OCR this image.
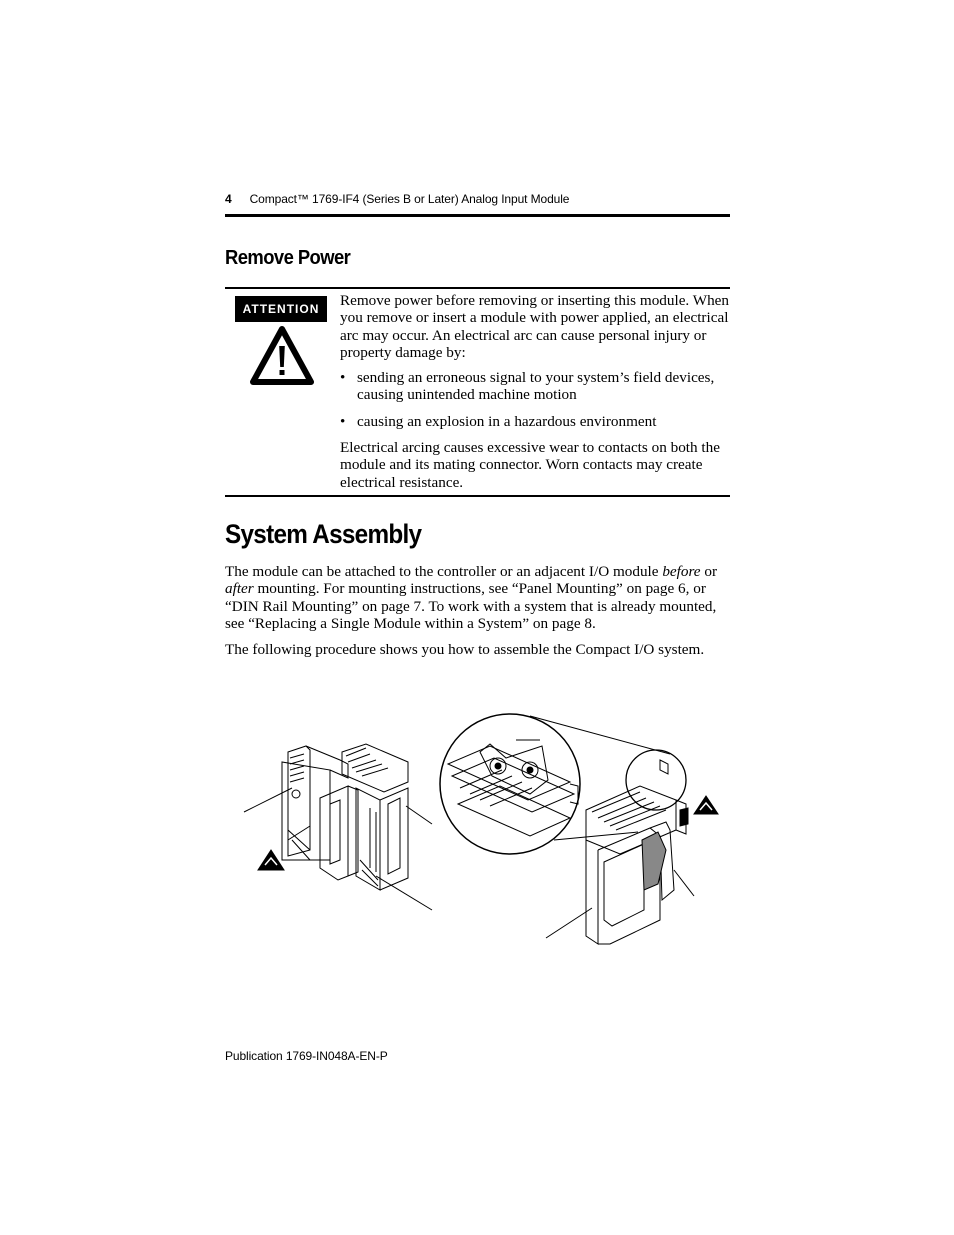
4 Compact™ 1769-IF4 (Series B or Later) Analog Input Module
Remove Power
ATTENTION	Remove power before removing or inserting this module. When you remove or insert a module with power applied, an electrical arc may occur. An electrical arc can cause personal injury or property damage by:

• sending an erroneous signal to your system’s field devices, causing unintended machine motion
• causing an explosion in a hazardous environment

Electrical arcing causes excessive wear to contacts on both the module and its mating connector. Worn contacts may create electrical resistance.

System Assembly

The module can be attached to the controller or an adjacent I/O module before or after mounting. For mounting instructions, see “Panel Mounting” on page 6, or “DIN Rail Mounting” on page 7. To work with a system that is already mounted, see “Replacing a Single Module within a System” on page 8.

The following procedure shows you how to assemble the Compact I/O system.

Publication 1769-IN048A-EN-P
